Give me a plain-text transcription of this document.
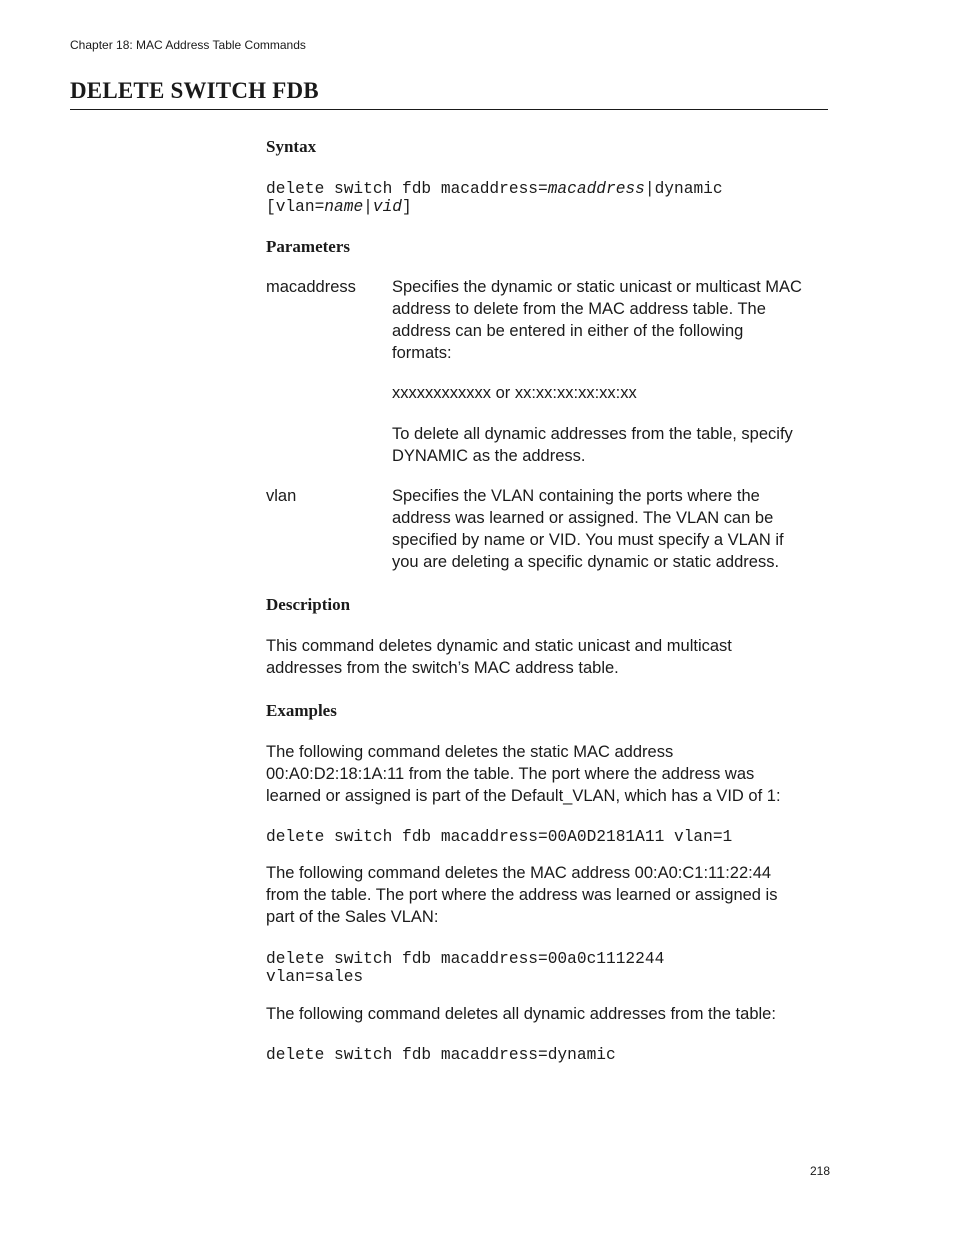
Chapter 18: MAC Address Table Commands
DELETE SWITCH FDB
Syntax
delete switch fdb macaddress=macaddress|dynamic
[vlan=name|vid]
Parameters
macaddress Specifies the dynamic or static unicast or multicast MAC
address to delete from the MAC address table. The
address can be entered in either of the following
formats:
xxxxxxxxxxxx or xx:xx:xx:xx:xx:xx
To delete all dynamic addresses from the table, specify
DYNAMIC as the address.
vlan	Specifies the VLAN containing the ports where the
address was learned or assigned. The VLAN can be
specified by name or VID. You must specify a VLAN if
you are deleting a specific dynamic or static address.
Description
This command deletes dynamic and static unicast and multicast
addresses from the switch’s MAC address table.
Examples
The following command deletes the static MAC address
00:A0:D2:18:1A:11 from the table. The port where the address was
learned or assigned is part of the Default_VLAN, which has a VID of 1:
delete switch fdb macaddress=00A0D2181A11 vlan=1
The following command deletes the MAC address 00:A0:C1:11:22:44
from the table. The port where the address was learned or assigned is
part of the Sales VLAN:
delete switch fdb macaddress=00a0c1112244
vlan=sales
The following command deletes all dynamic addresses from the table:
delete switch fdb macaddress=dynamic
218
